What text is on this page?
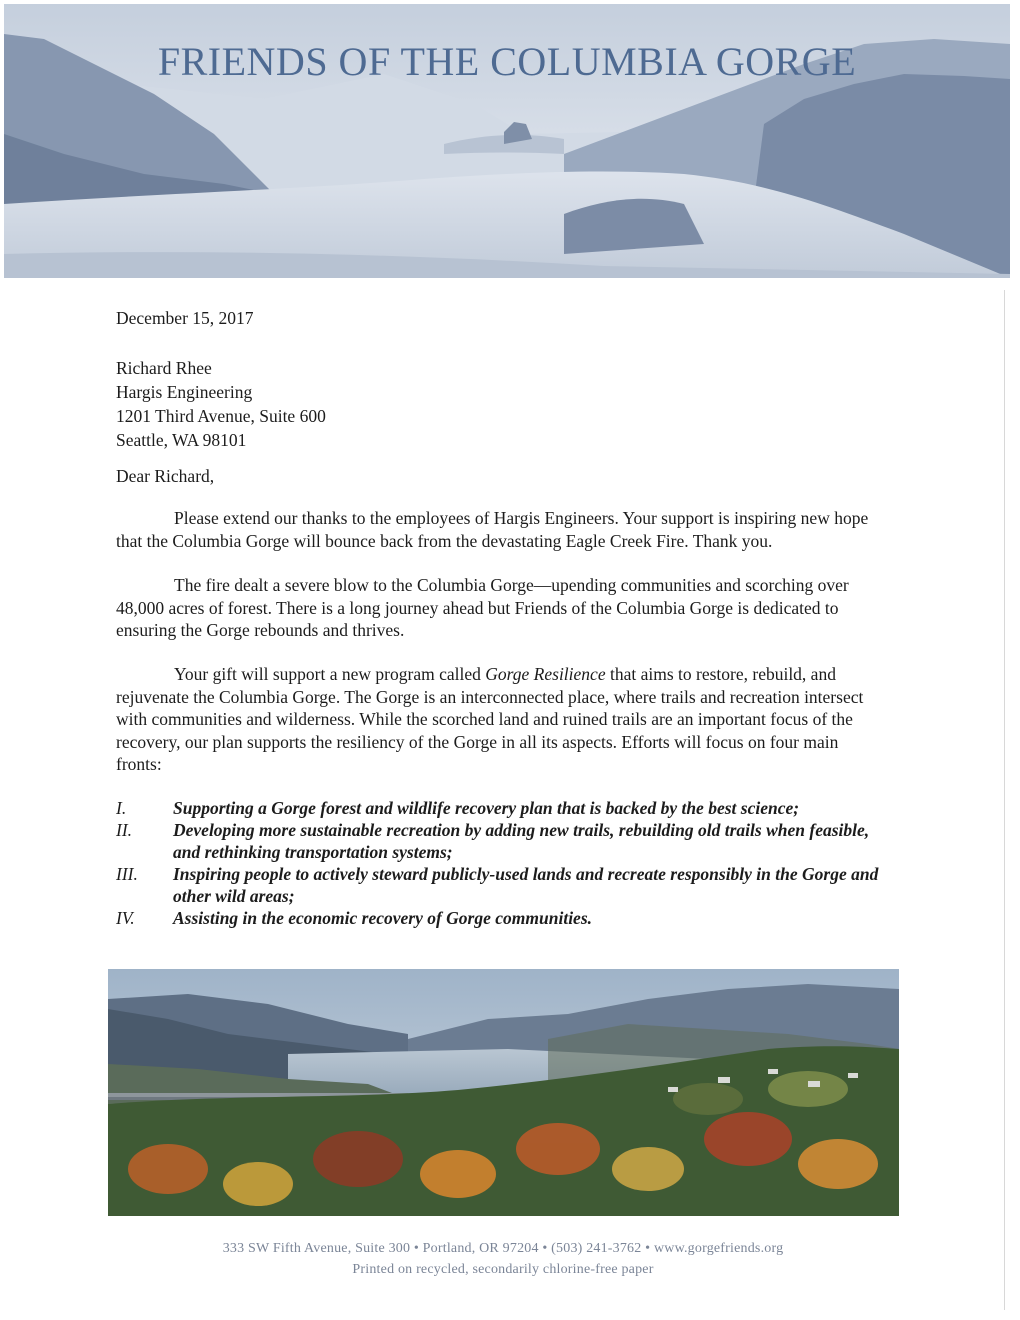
FRIENDS OF THE COLUMBIA GORGE
December 15, 2017
Richard Rhee
Hargis Engineering
1201 Third Avenue, Suite 600
Seattle, WA 98101
Dear Richard,

Please extend our thanks to the employees of Hargis Engineers. Your support is inspiring new hope that the Columbia Gorge will bounce back from the devastating Eagle Creek Fire. Thank you.

The fire dealt a severe blow to the Columbia Gorge—upending communities and scorching over 48,000 acres of forest. There is a long journey ahead but Friends of the Columbia Gorge is dedicated to ensuring the Gorge rebounds and thrives.

Your gift will support a new program called Gorge Resilience that aims to restore, rebuild, and rejuvenate the Columbia Gorge. The Gorge is an interconnected place, where trails and recreation intersect with communities and wilderness. While the scorched land and ruined trails are an important focus of the recovery, our plan supports the resiliency of the Gorge in all its aspects. Efforts will focus on four main fronts:

I.	Supporting a Gorge forest and wildlife recovery plan that is backed by the best science;
II.	Developing more sustainable recreation by adding new trails, rebuilding old trails when feasible, and rethinking transportation systems;
III.	Inspiring people to actively steward publicly-used lands and recreate responsibly in the Gorge and other wild areas;
IV.	Assisting in the economic recovery of Gorge communities.
333 SW Fifth Avenue, Suite 300 • Portland, OR 97204 • (503) 241-3762 • www.gorgefriends.org
Printed on recycled, secondarily chlorine-free paper
